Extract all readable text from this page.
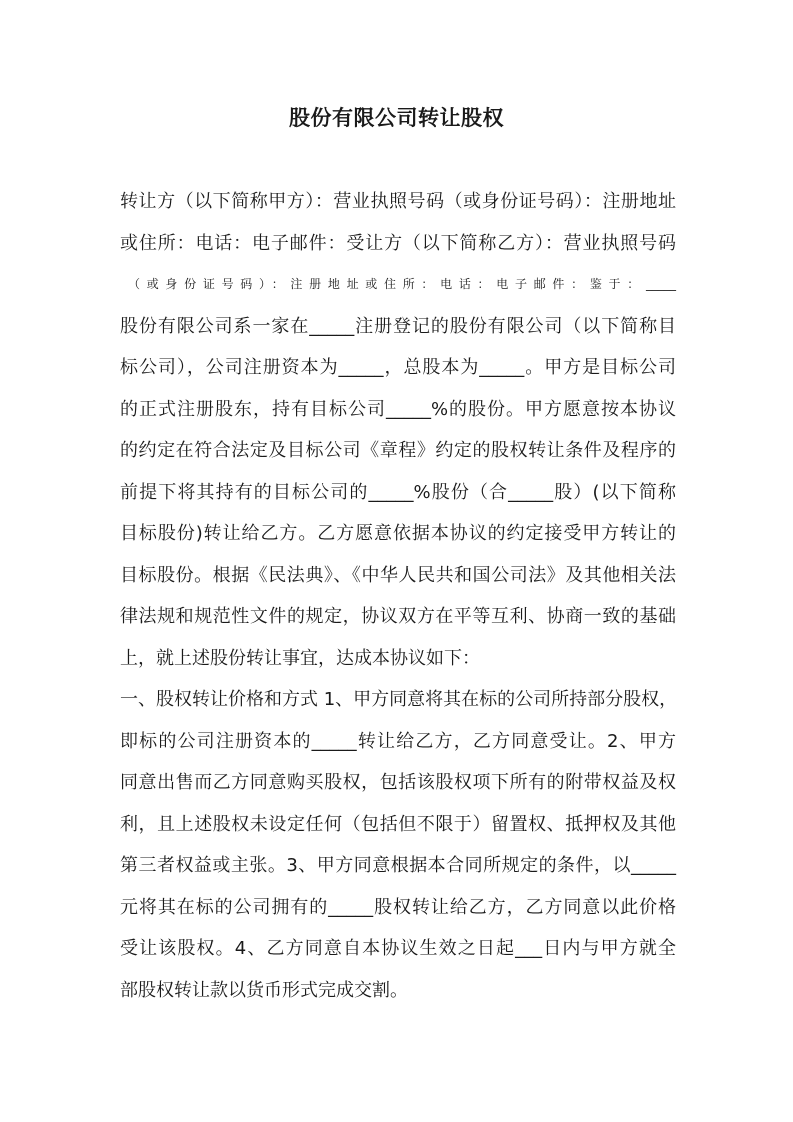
股份有限公司转让股权
转让方（以下简称甲方）：营业执照号码（或身份证号码）：注册地址
或住所：电话：电子邮件：受让方（以下简称乙方）：营业执照号码
（或身份证号码）：注册地址或住所：电话：电子邮件：鉴于：_____
股份有限公司系一家在_____注册登记的股份有限公司（以下简称目
标公司），公司注册资本为_____，总股本为_____。甲方是目标公司
的正式注册股东，持有目标公司_____%的股份。甲方愿意按本协议
的约定在符合法定及目标公司《章程》约定的股权转让条件及程序的
前提下将其持有的目标公司的_____%股份（合_____股）(以下简称
目标股份)转让给乙方。乙方愿意依据本协议的约定接受甲方转让的
目标股份。根据《民法典》、《中华人民共和国公司法》及其他相关法
律法规和规范性文件的规定，协议双方在平等互利、协商一致的基础
上，就上述股份转让事宜，达成本协议如下：
一、股权转让价格和方式 1、甲方同意将其在标的公司所持部分股权，
即标的公司注册资本的_____转让给乙方，乙方同意受让。2、甲方
同意出售而乙方同意购买股权，包括该股权项下所有的附带权益及权
利，且上述股权未设定任何（包括但不限于）留置权、抵押权及其他
第三者权益或主张。3、甲方同意根据本合同所规定的条件，以_____
元将其在标的公司拥有的_____股权转让给乙方，乙方同意以此价格
受让该股权。4、乙方同意自本协议生效之日起___日内与甲方就全
部股权转让款以货币形式完成交割。
